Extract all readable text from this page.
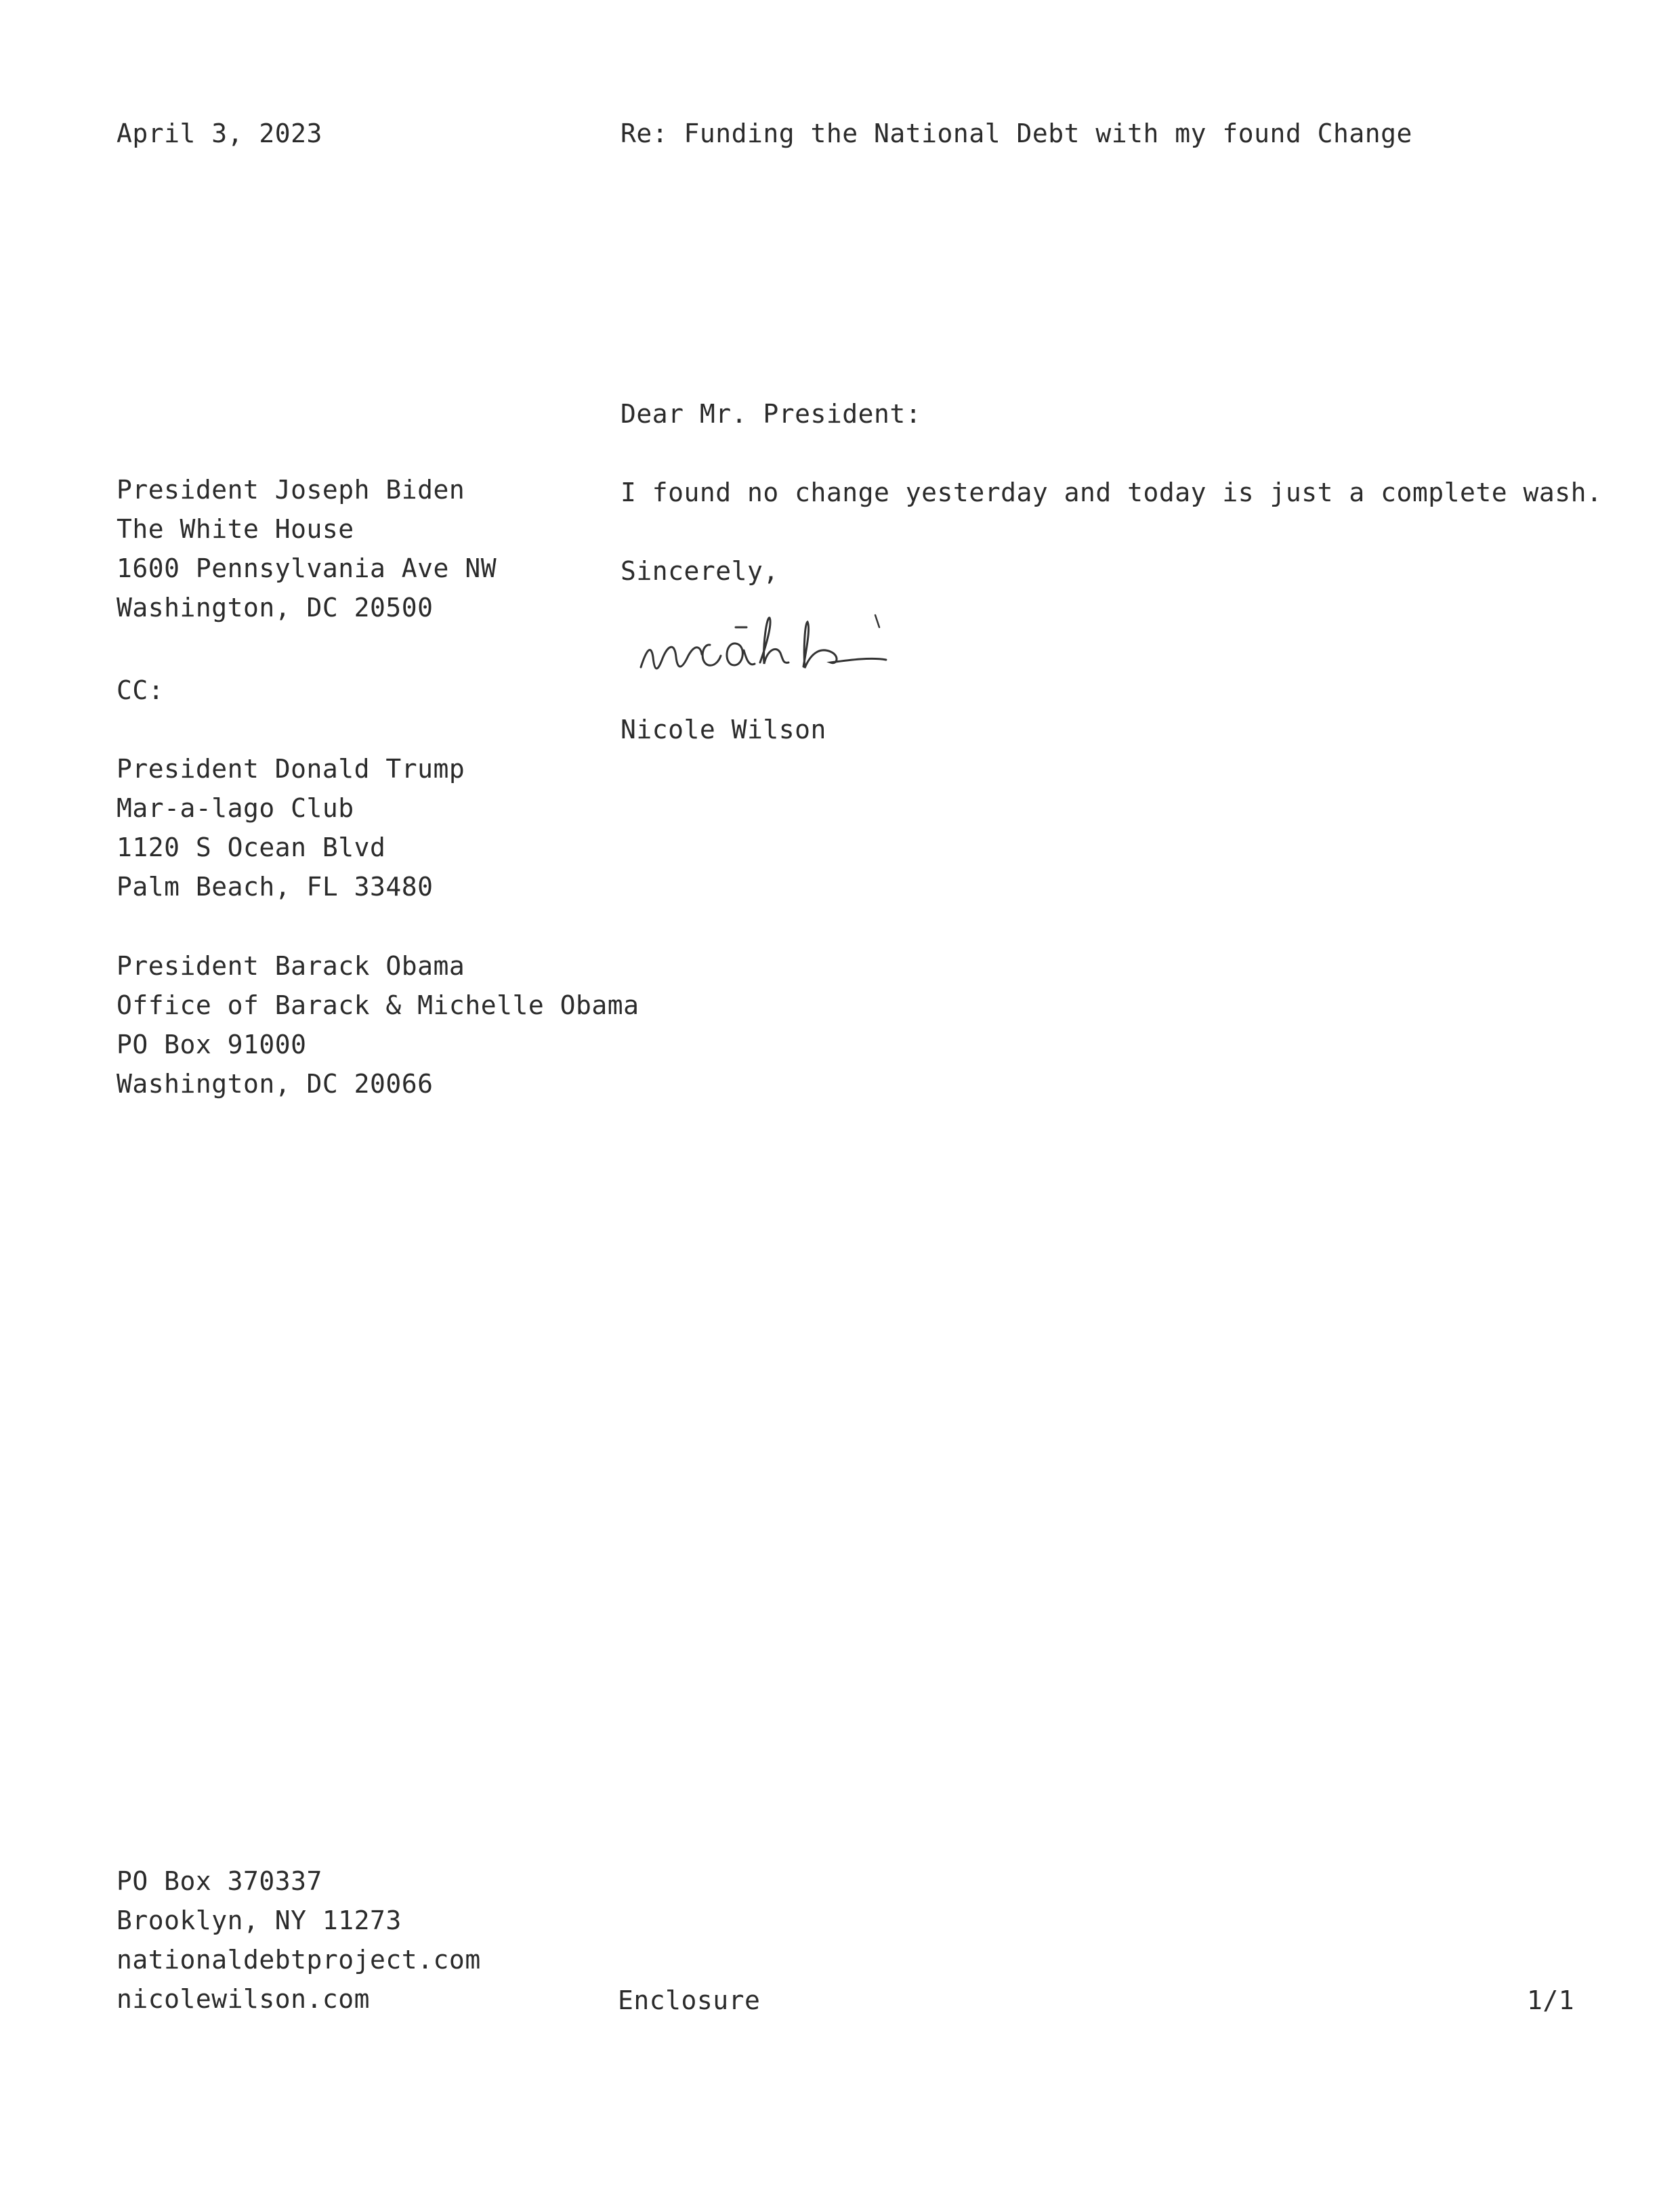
April 3, 2023	Re: Funding the National Debt with my found Change
Dear Mr. President:
I found no change yesterday and today is just a complete wash.
Sincerely,
Nicole Wilson
President Joseph Biden
The White House
1600 Pennsylvania Ave NW
Washington, DC 20500
CC:
President Donald Trump
Mar-a-lago Club
1120 S Ocean Blvd
Palm Beach, FL 33480
President Barack Obama
Office of Barack & Michelle Obama
PO Box 91000
Washington, DC 20066
PO Box 370337
Brooklyn, NY 11273
nationaldebtproject.com
nicolewilson.com	Enclosure	1/1
